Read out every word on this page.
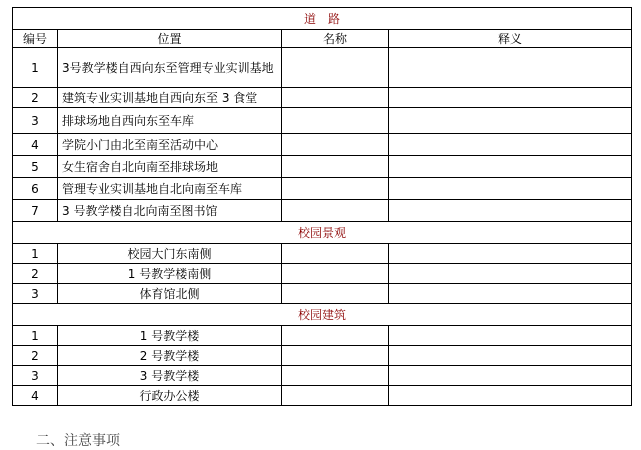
道　路			
编号	位置	名称	释义
1	3号教学楼自西向东至管理专业实训基地		
2	建筑专业实训基地自西向东至 3 食堂		
3	排球场地自西向东至车库		
4	学院小门由北至南至活动中心		
5	女生宿舍自北向南至排球场地		
6	管理专业实训基地自北向南至车库		
7	3 号教学楼自北向南至图书馆		
校园景观			
1	校园大门东南侧		
2	1 号教学楼南侧		
3	体育馆北侧		
校园建筑			
1	1 号教学楼		
2	2 号教学楼		
3	3 号教学楼		
4	行政办公楼		
二、注意事项
